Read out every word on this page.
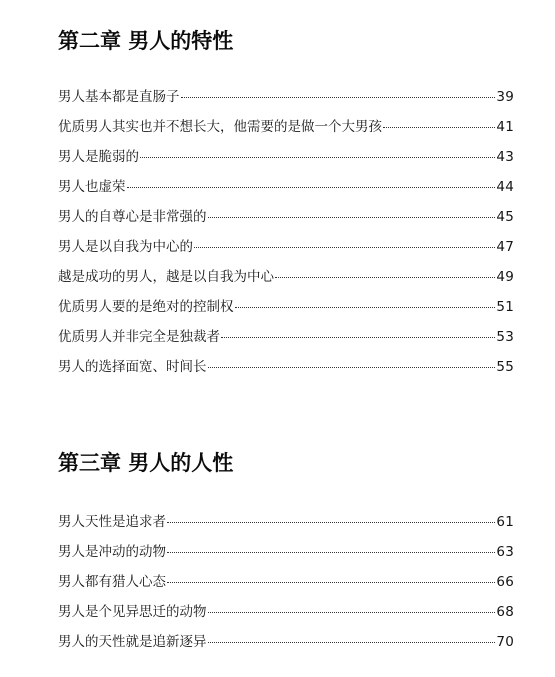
第二章 男人的特性
男人基本都是直肠子	39
优质男人其实也并不想长大，他需要的是做一个大男孩	41
男人是脆弱的	43
男人也虚荣	44
男人的自尊心是非常强的	45
男人是以自我为中心的	47
越是成功的男人，越是以自我为中心	49
优质男人要的是绝对的控制权	51
优质男人并非完全是独裁者	53
男人的选择面宽、时间长	55
第三章 男人的人性
男人天性是追求者	61
男人是冲动的动物	63
男人都有猎人心态	66
男人是个见异思迁的动物	68
男人的天性就是追新逐异	70
